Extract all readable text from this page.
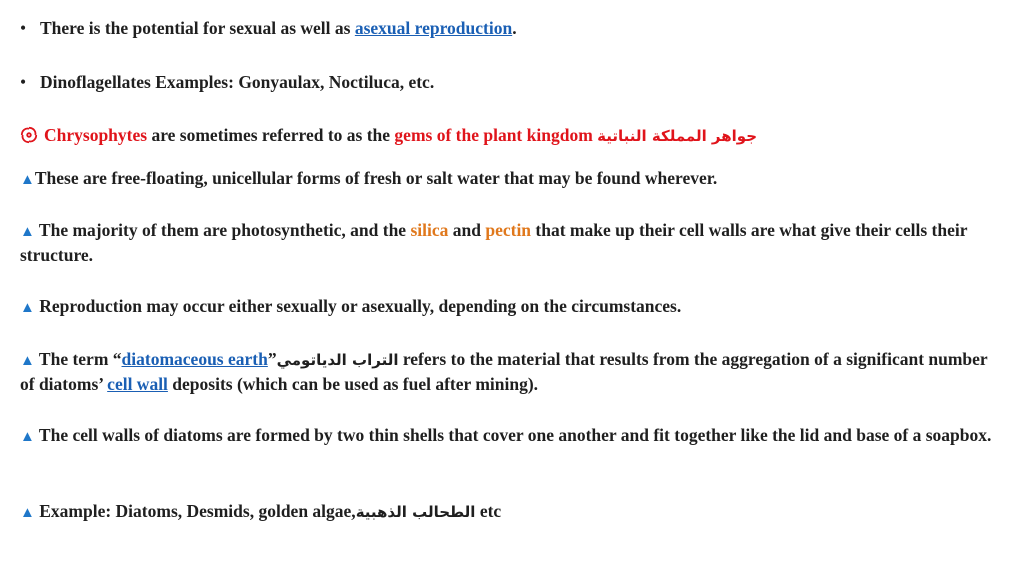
• There is the potential for sexual as well as asexual reproduction.
• Dinoflagellates Examples: Gonyaulax, Noctiluca, etc.
Chrysophytes are sometimes referred to as the gems of the plant kingdom جواهر المملكة النباتية
▲These are free-floating, unicellular forms of fresh or salt water that may be found wherever.
▲ The majority of them are photosynthetic, and the silica and pectin that make up their cell walls are what give their cells their structure.
▲ Reproduction may occur either sexually or asexually, depending on the circumstances.
▲ The term “diatomaceous earth”التراب الدياتومي refers to the material that results from the aggregation of a significant number of diatoms’ cell wall deposits (which can be used as fuel after mining).
▲ The cell walls of diatoms are formed by two thin shells that cover one another and fit together like the lid and base of a soapbox.
▲ Example: Diatoms, Desmids, golden algae,الطحالب الذهبية etc
